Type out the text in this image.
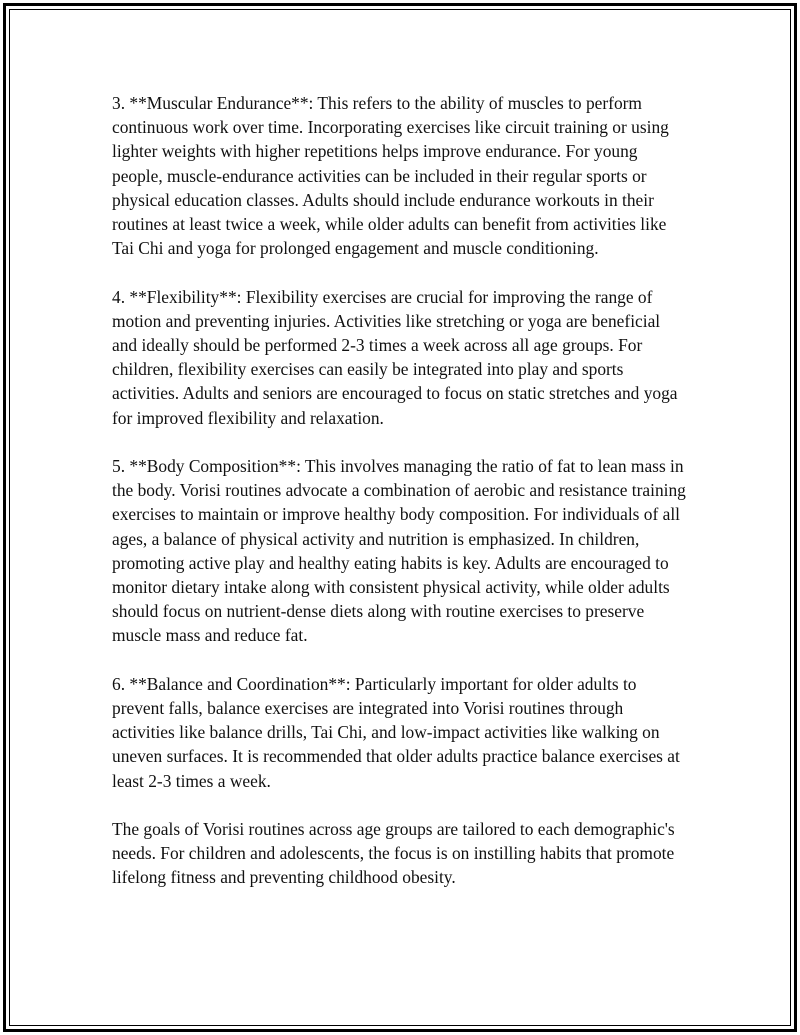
3. **Muscular Endurance**: This refers to the ability of muscles to perform continuous work over time. Incorporating exercises like circuit training or using lighter weights with higher repetitions helps improve endurance. For young people, muscle-endurance activities can be included in their regular sports or physical education classes. Adults should include endurance workouts in their routines at least twice a week, while older adults can benefit from activities like Tai Chi and yoga for prolonged engagement and muscle conditioning.

4. **Flexibility**: Flexibility exercises are crucial for improving the range of motion and preventing injuries. Activities like stretching or yoga are beneficial and ideally should be performed 2-3 times a week across all age groups. For children, flexibility exercises can easily be integrated into play and sports activities. Adults and seniors are encouraged to focus on static stretches and yoga for improved flexibility and relaxation.

5. **Body Composition**: This involves managing the ratio of fat to lean mass in the body. Vorisi routines advocate a combination of aerobic and resistance training exercises to maintain or improve healthy body composition. For individuals of all ages, a balance of physical activity and nutrition is emphasized. In children, promoting active play and healthy eating habits is key. Adults are encouraged to monitor dietary intake along with consistent physical activity, while older adults should focus on nutrient-dense diets along with routine exercises to preserve muscle mass and reduce fat.

6. **Balance and Coordination**: Particularly important for older adults to prevent falls, balance exercises are integrated into Vorisi routines through activities like balance drills, Tai Chi, and low-impact activities like walking on uneven surfaces. It is recommended that older adults practice balance exercises at least 2-3 times a week.

The goals of Vorisi routines across age groups are tailored to each demographic's needs. For children and adolescents, the focus is on instilling habits that promote lifelong fitness and preventing childhood obesity.
